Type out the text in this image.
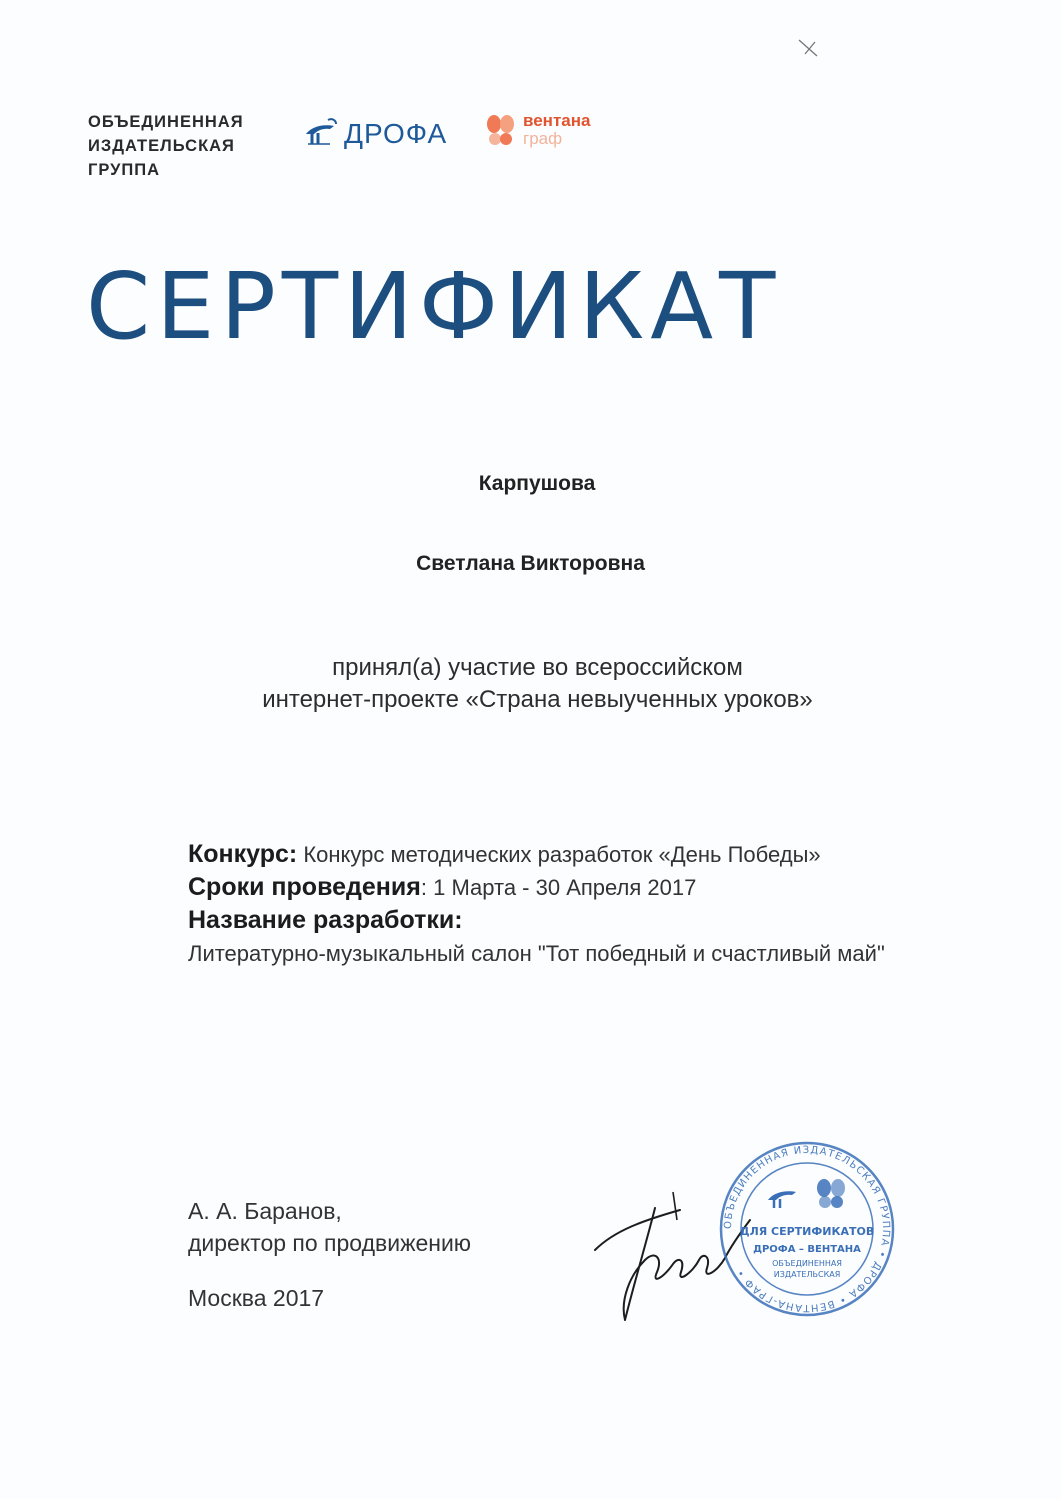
ОБЪЕДИНЕННАЯ
ИЗДАТЕЛЬСКАЯ
ГРУППА
ДРОФА	вентана
граф
СЕРТИФИКАТ
Карпушова
Светлана Викторовна
принял(а) участие во всероссийском
интернет-проекте «Страна невыученных уроков»
Конкурс: Конкурс методических разработок «День Победы»
Сроки проведения: 1 Марта - 30 Апреля 2017
Название разработки:
Литературно-музыкальный салон "Тот победный и счастливый май"
А. А. Баранов,
директор по продвижению
Москва 2017
ОБЪЕДИНЕННАЯ ИЗДАТЕЛЬСКАЯ ГРУППА • ДРОФА • ВЕНТАНА-ГРАФ •
ДЛЯ СЕРТИФИКАТОВ
ДРОФА – ВЕНТАНА
ОБЪЕДИНЕННАЯ
ИЗДАТЕЛЬСКАЯ
